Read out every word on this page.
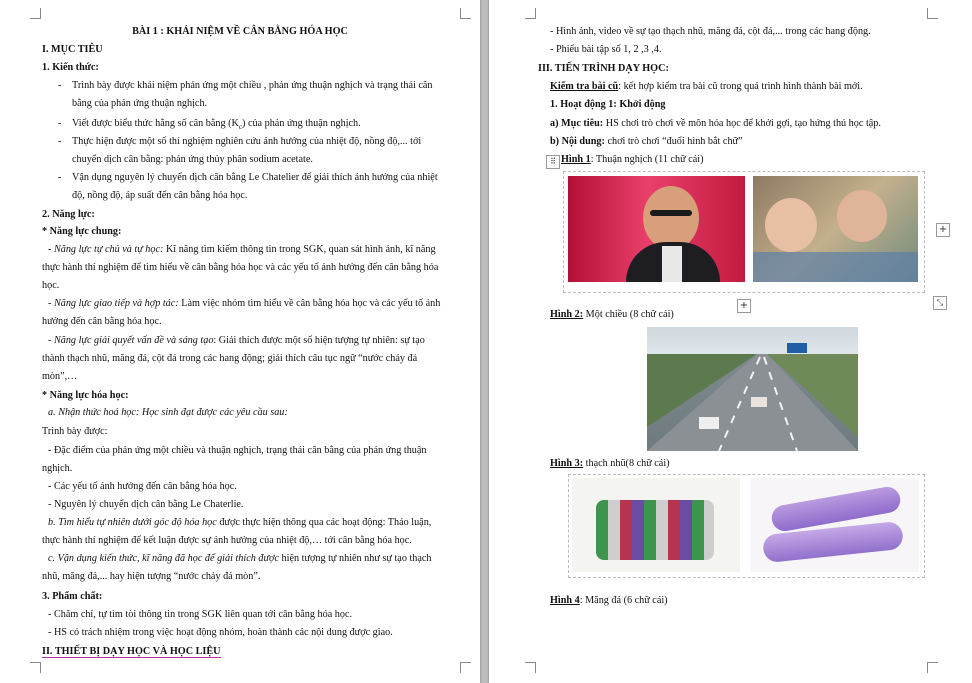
BÀI 1 : KHÁI NIỆM VỀ CÂN BẰNG HÓA HỌC
I. MỤC TIÊU
1. Kiến thức:
- Trình bày được khái niệm phản ứng một chiều , phản ứng thuận nghịch và trạng thái cân
bằng của phản ứng thuận nghịch.
- Viết được biểu thức hằng số cân bằng $(K_c)$ của phản ứng thuận nghịch.
- Thực hiện được một số thí nghiệm nghiên cứu ảnh hưởng của nhiệt độ, nồng độ,... tới
chuyển dịch cân bằng: phản ứng thủy phân sodium acetate.
- Vận dụng nguyên lý chuyển dịch cân bằng Le Chatelier để giải thích ảnh hưởng của nhiệt
độ, nồng độ, áp suất đến cân bằng hóa học.
2. Năng lực:
* Năng lực chung:
- Năng lực tự chủ và tự học: Kĩ năng tìm kiếm thông tin trong SGK, quan sát hình ảnh, kĩ năng
thực hành thí nghiệm để tìm hiểu về cân bằng hóa học và các yếu tố ảnh hưởng đến cân bằng hóa
học.
- Năng lực giao tiếp và hợp tác: Làm việc nhóm tìm hiểu về cân bằng hóa học và các yếu tố ảnh
hưởng đến cân bằng hóa học.
- Năng lực giải quyết vấn đề và sáng tạo: Giải thích được một số hiện tượng tự nhiên: sự tạo
thành thạch nhũ, măng đá, cột đá trong các hang động; giải thích câu tục ngữ “nước chảy đá
mòn”,…
* Năng lực hóa học:
a. Nhận thức hoá học: Học sinh đạt được các yêu cầu sau:
Trình bày được:
- Đặc điểm của phản ứng một chiều và thuận nghịch, trạng thái cân bằng của phản ứng thuận
nghịch.
- Các yếu tố ảnh hưởng đến cân bằng hóa học.
- Nguyên lý chuyển dịch cân bằng Le Chaterlie.
b. Tìm hiểu tự nhiên dưới góc độ hóa học được thực hiện thông qua các hoạt động: Thảo luận,
thực hành thí nghiệm để kết luận được sự ảnh hưởng của nhiệt độ,… tới cân bằng hóa học.
c. Vận dụng kiến thức, kĩ năng đã học để giải thích được hiện tượng tự nhiên như sự tạo thạch
nhũ, măng đá,... hay hiện tượng “nước chảy đá mòn”.
3. Phẩm chất:
- Chăm chỉ, tự tìm tòi thông tin trong SGK liên quan tới cân bằng hóa học.
- HS có trách nhiệm trong việc hoạt động nhóm, hoàn thành các nội dung được giao.
II. THIẾT BỊ DẠY HỌC VÀ HỌC LIỆU
- Hình ảnh, video về sự tạo thạch nhũ, măng đá, cột đá,... trong các hang động.
- Phiếu bài tập số 1, 2 ,3 ,4.
III. TIẾN TRÌNH DẠY HỌC:
Kiểm tra bài cũ: kết hợp kiểm tra bài cũ trong quá trình hình thành bài mới.
1. Hoạt động 1: Khởi động
a) Mục tiêu: HS chơi trò chơi về môn hóa học để khởi gợi, tạo hứng thú học tập.
b) Nội dung: chơi trò chơi “đuổi hình bắt chữ”
⠿ Hình 1: Thuận nghịch (11 chữ cái)
+
+	⤡
Hình 2: Một chiều (8 chữ cái)
Hình 3: thạch nhũ(8 chữ cái)
Hình 4: Măng đá (6 chữ cái)
